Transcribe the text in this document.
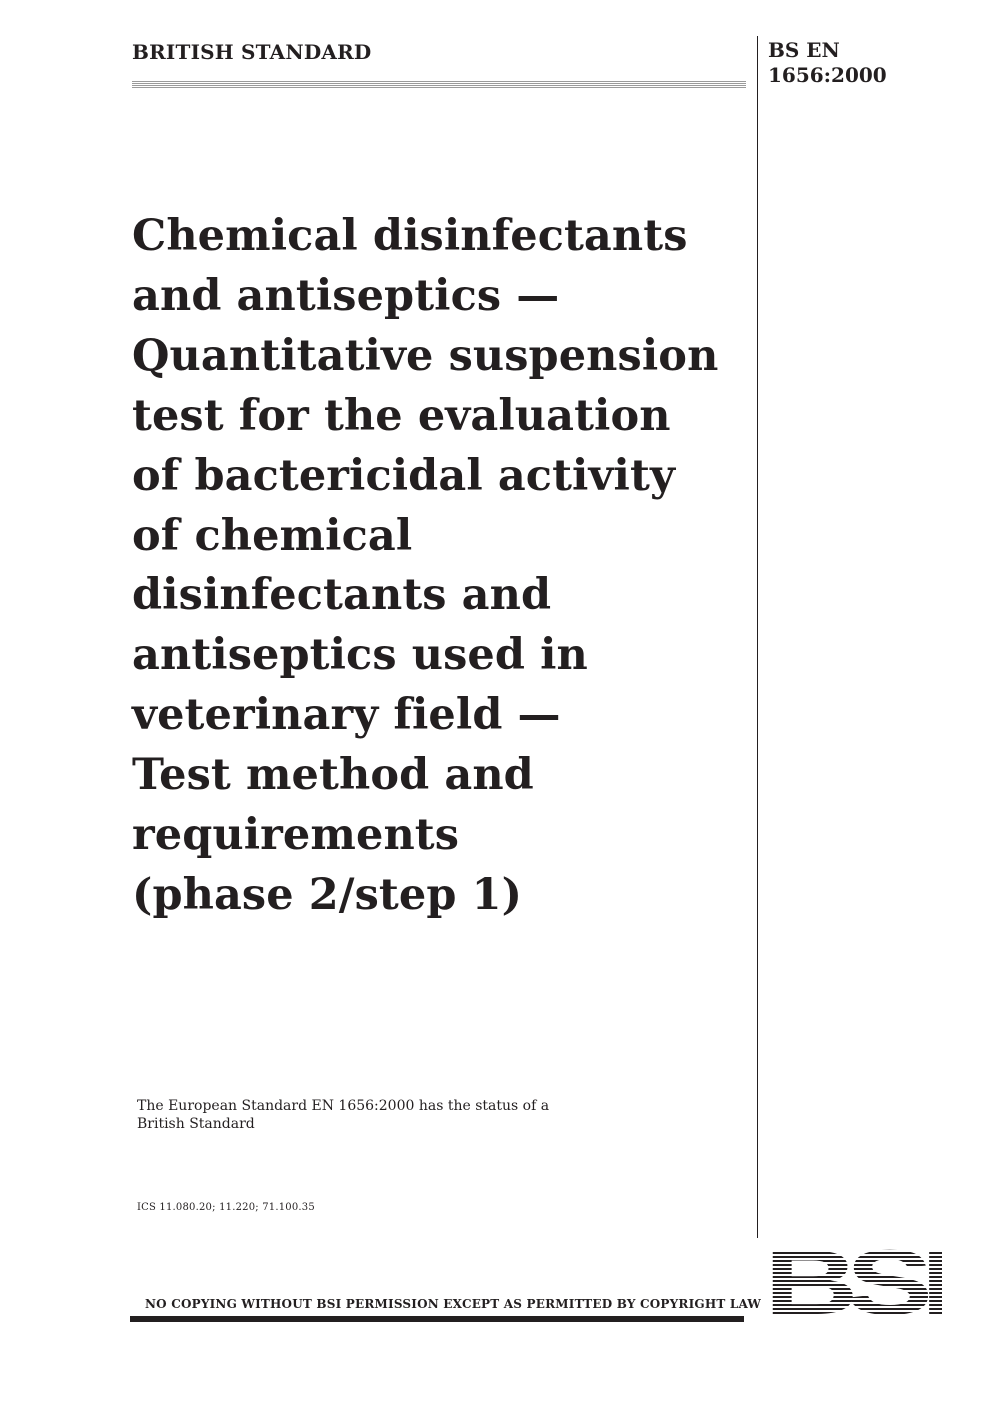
BRITISH STANDARD	BS EN
1656:2000
Chemical disinfectants
and antiseptics —
Quantitative suspension
test for the evaluation
of bactericidal activity
of chemical
disinfectants and
antiseptics used in
veterinary field —
Test method and
requirements
(phase 2/step 1)
The European Standard EN 1656:2000 has the status of a
British Standard
ICS 11.080.20; 11.220; 71.100.35
NO COPYING WITHOUT BSI PERMISSION EXCEPT AS PERMITTED BY COPYRIGHT LAW
